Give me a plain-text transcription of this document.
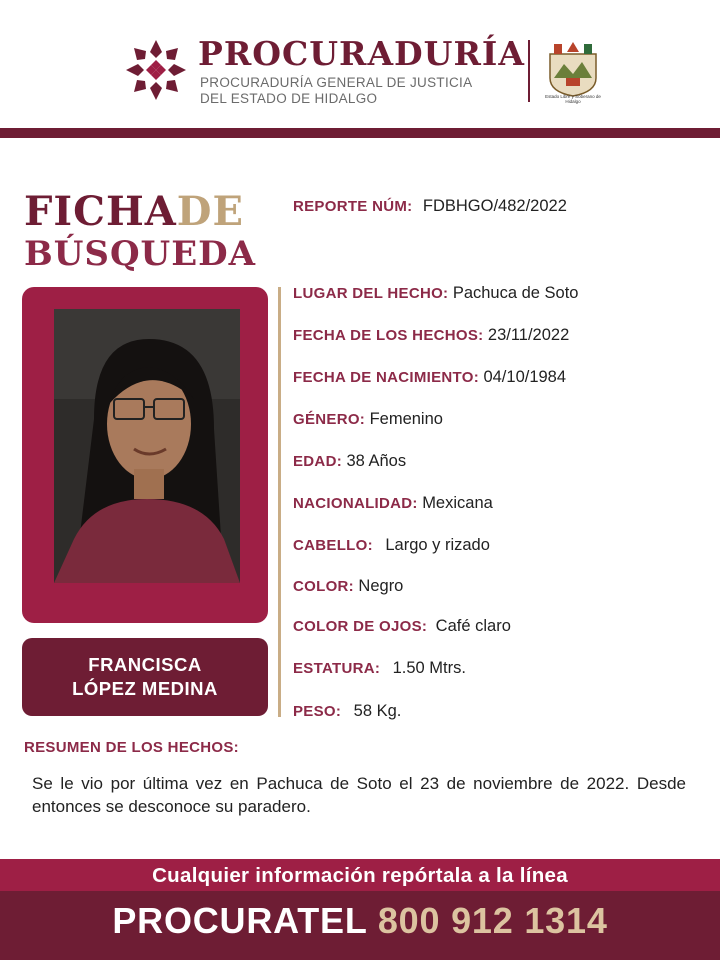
PROCURADURÍA
PROCURADURÍA GENERAL DE JUSTICIA
DEL ESTADO DE HIDALGO	Estado Libre y Soberano de Hidalgo
FICHADE
BÚSQUEDA
FRANCISCA
LÓPEZ MEDINA
REPORTE NÚM: FDBHGO/482/2022
LUGAR DEL HECHO: Pachuca de Soto
FECHA DE LOS HECHOS: 23/11/2022
FECHA DE NACIMIENTO: 04/10/1984
GÉNERO: Femenino
EDAD: 38 Años
NACIONALIDAD: Mexicana
CABELLO: Largo y rizado
COLOR: Negro
COLOR DE OJOS: Café claro
ESTATURA: 1.50 Mtrs.
PESO: 58 Kg.
RESUMEN DE LOS HECHOS:
Se le vio por última vez en Pachuca de Soto el 23 de noviembre de 2022. Desde entonces se desconoce su paradero.
Cualquier información repórtala a la línea
PROCURATEL 800 912 1314
